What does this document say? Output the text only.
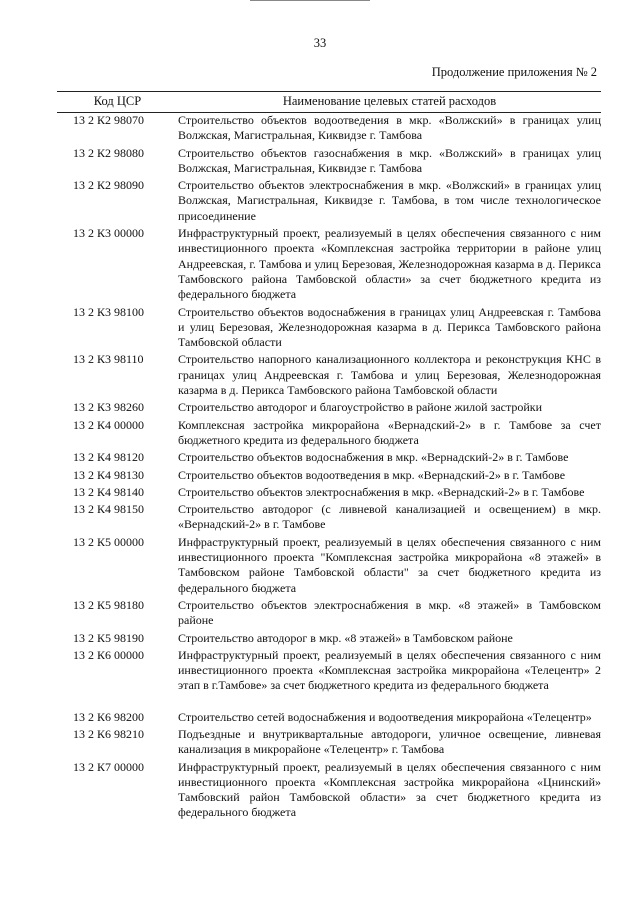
33
Продолжение приложения № 2
Код ЦСР	Наименование целевых статей расходов
13 2 К2 98070	Строительство объектов водоотведения в мкр. «Волжский» в границах улиц Волжская, Магистральная, Киквидзе г. Тамбова
13 2 К2 98080	Строительство объектов газоснабжения в мкр. «Волжский» в границах улиц Волжская, Магистральная, Киквидзе г. Тамбова
13 2 К2 98090	Строительство объектов электроснабжения в мкр. «Волжский» в границах улиц Волжская, Магистральная, Киквидзе г. Тамбова, в том числе технологическое присоединение
13 2 К3 00000	Инфраструктурный проект, реализуемый в целях обеспечения связанного с ним инвестиционного проекта «Комплексная застройка территории в районе улиц Андреевская, г. Тамбова и улиц Березовая, Железнодорожная казарма в д. Перикса Тамбовского района Тамбовской области» за счет бюджетного кредита из федерального бюджета
13 2 К3 98100	Строительство объектов водоснабжения в границах улиц Андреевская г. Тамбова и улиц Березовая, Железнодорожная казарма в д. Перикса Тамбовского района Тамбовской области
13 2 К3 98110	Строительство напорного канализационного коллектора и реконструкция КНС в границах улиц Андреевская г. Тамбова и улиц Березовая, Железнодорожная казарма в д. Перикса Тамбовского района Тамбовской области
13 2 К3 98260	Строительство автодорог и благоустройство в районе жилой застройки
13 2 К4 00000	Комплексная застройка микрорайона «Вернадский-2» в г. Тамбове за счет бюджетного кредита из федерального бюджета
13 2 К4 98120	Строительство объектов водоснабжения в мкр. «Вернадский-2» в г. Тамбове
13 2 К4 98130	Строительство объектов водоотведения в мкр. «Вернадский-2» в г. Тамбове
13 2 К4 98140	Строительство объектов электроснабжения в мкр. «Вернадский-2» в г. Тамбове
13 2 К4 98150	Строительство автодорог (с ливневой канализацией и освещением) в мкр. «Вернадский-2» в г. Тамбове
13 2 К5 00000	Инфраструктурный проект, реализуемый в целях обеспечения связанного с ним инвестиционного проекта "Комплексная застройка микрорайона «8 этажей» в Тамбовском районе Тамбовской области" за счет бюджетного кредита из федерального бюджета
13 2 К5 98180	Строительство объектов электроснабжения в мкр. «8 этажей» в Тамбовском районе
13 2 К5 98190	Строительство автодорог в мкр. «8 этажей» в Тамбовском районе
13 2 К6 00000	Инфраструктурный проект, реализуемый в целях обеспечения связанного с ним инвестиционного проекта «Комплексная застройка микрорайона «Телецентр» 2 этап в г.Тамбове» за счет бюджетного кредита из федерального бюджета
13 2 К6 98200	Строительство сетей водоснабжения и водоотведения микрорайона «Телецентр»
13 2 К6 98210	Подъездные и внутриквартальные автодороги, уличное освещение, ливневая канализация в микрорайоне «Телецентр» г. Тамбова
13 2 К7 00000	Инфраструктурный проект, реализуемый в целях обеспечения связанного с ним инвестиционного проекта «Комплексная застройка микрорайона «Цнинский» Тамбовский район Тамбовской области» за счет бюджетного кредита из федерального бюджета
